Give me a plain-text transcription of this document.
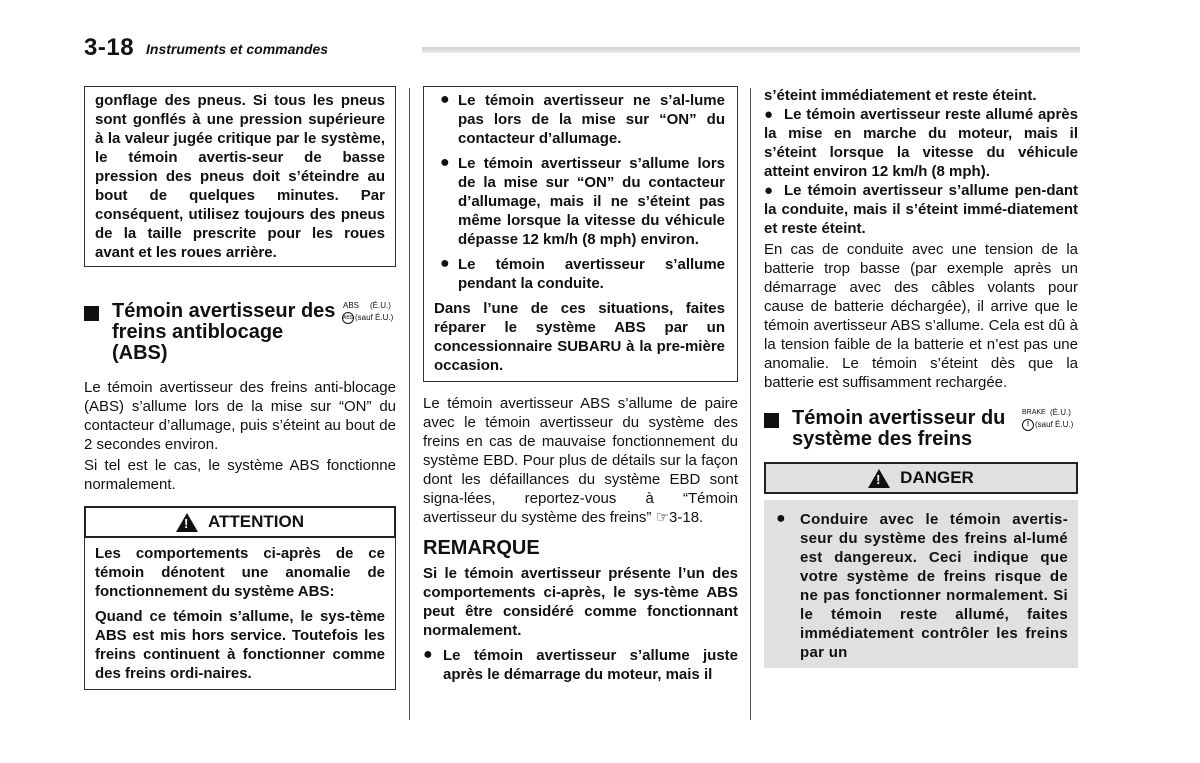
3-18 Instruments et commandes

gonflage des pneus. Si tous les pneus sont gonflés à une pression supérieure à la valeur jugée critique par le système, le témoin avertis-seur de basse pression des pneus doit s’éteindre au bout de quelques minutes. Par conséquent, utilisez toujours des pneus de la taille prescrite pour les roues avant et les roues arrière.

Témoin avertisseur des freins antiblocage (ABS)
ABS (É.U.)
ABS (sauf É.U.)

Le témoin avertisseur des freins anti-blocage (ABS) s’allume lors de la mise sur “ON” du contacteur d’allumage, puis s’éteint au bout de 2 secondes environ.

Si tel est le cas, le système ABS fonctionne normalement.

! ATTENTION

Les comportements ci-après de ce témoin dénotent une anomalie de fonctionnement du système ABS:

Quand ce témoin s’allume, le sys-tème ABS est mis hors service. Toutefois les freins continuent à fonctionner comme des freins ordi-naires.

● Le témoin avertisseur ne s’al-lume pas lors de la mise sur “ON” du contacteur d’allumage.

● Le témoin avertisseur s’allume lors de la mise sur “ON” du contacteur d’allumage, mais il ne s’éteint pas même lorsque la vitesse du véhicule dépasse 12 km/h (8 mph) environ.

● Le témoin avertisseur s’allume pendant la conduite.

Dans l’une de ces situations, faites réparer le système ABS par un concessionnaire SUBARU à la pre-mière occasion.

Le témoin avertisseur ABS s’allume de paire avec le témoin avertisseur du système des freins en cas de mauvaise fonctionnement du système EBD. Pour plus de détails sur la façon dont les défaillances du système EBD sont signa-lées, reportez-vous à “Témoin avertisseur du système des freins” ☞3-18.

REMARQUE

Si le témoin avertisseur présente l’un des comportements ci-après, le sys-tème ABS peut être considéré comme fonctionnant normalement.

● Le témoin avertisseur s’allume juste après le démarrage du moteur, mais il

s’éteint immédiatement et reste éteint.

● Le témoin avertisseur reste allumé après la mise en marche du moteur, mais il s’éteint lorsque la vitesse du véhicule atteint environ 12 km/h (8 mph).

● Le témoin avertisseur s’allume pen-dant la conduite, mais il s’éteint immé-diatement et reste éteint.

En cas de conduite avec une tension de la batterie trop basse (par exemple après un démarrage avec des câbles volants pour cause de batterie déchargée), il arrive que le témoin avertisseur ABS s’allume. Cela est dû à la tension faible de la batterie et n’est pas une anomalie. Le témoin s’éteint dès que la batterie est suffisamment rechargée.

Témoin avertisseur du système des freins
BRAKE (É.U.)
! (sauf É.U.)
! DANGER
● Conduire avec le témoin avertis-seur du système des freins al-lumé est dangereux. Ceci indique que votre système de freins risque de ne pas fonctionner normalement. Si le témoin reste allumé, faites immédiatement contrôler les freins par un
